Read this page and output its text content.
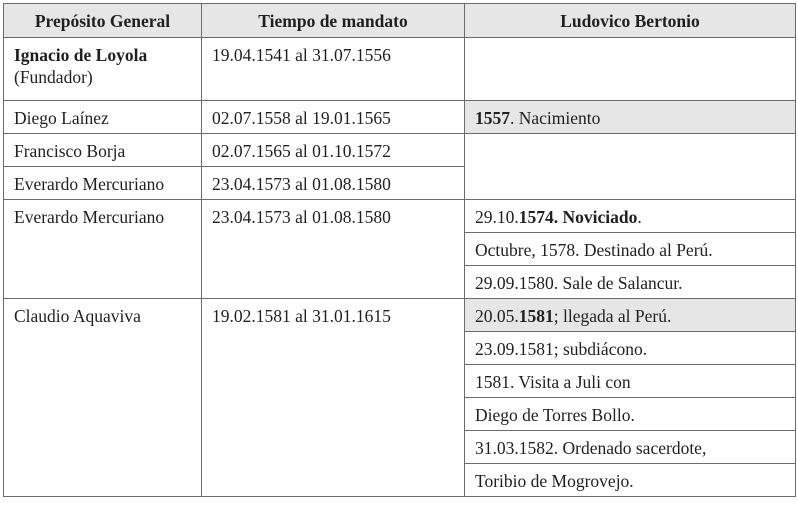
Prepósito General	Tiempo de mandato	Ludovico Bertonio

Ignacio de Loyola
(Fundador)	19.04.1541 al 31.07.1556	
Diego Laínez	02.07.1558 al 19.01.1565	1557. Nacimiento
Francisco Borja	02.07.1565 al 01.10.1572	
Everardo Mercuriano	23.04.1573 al 01.08.1580	
Everardo Mercuriano	23.04.1573 al 01.08.1580	29.10.1574. Noviciado.
		Octubre, 1578. Destinado al Perú.
		29.09.1580. Sale de Salancur.
Claudio Aquaviva	19.02.1581 al 31.01.1615	20.05.1581; llegada al Perú.
		23.09.1581; subdiácono.
		1581. Visita a Juli con
		Diego de Torres Bollo.
		31.03.1582. Ordenado sacerdote,
		Toribio de Mogrovejo.
